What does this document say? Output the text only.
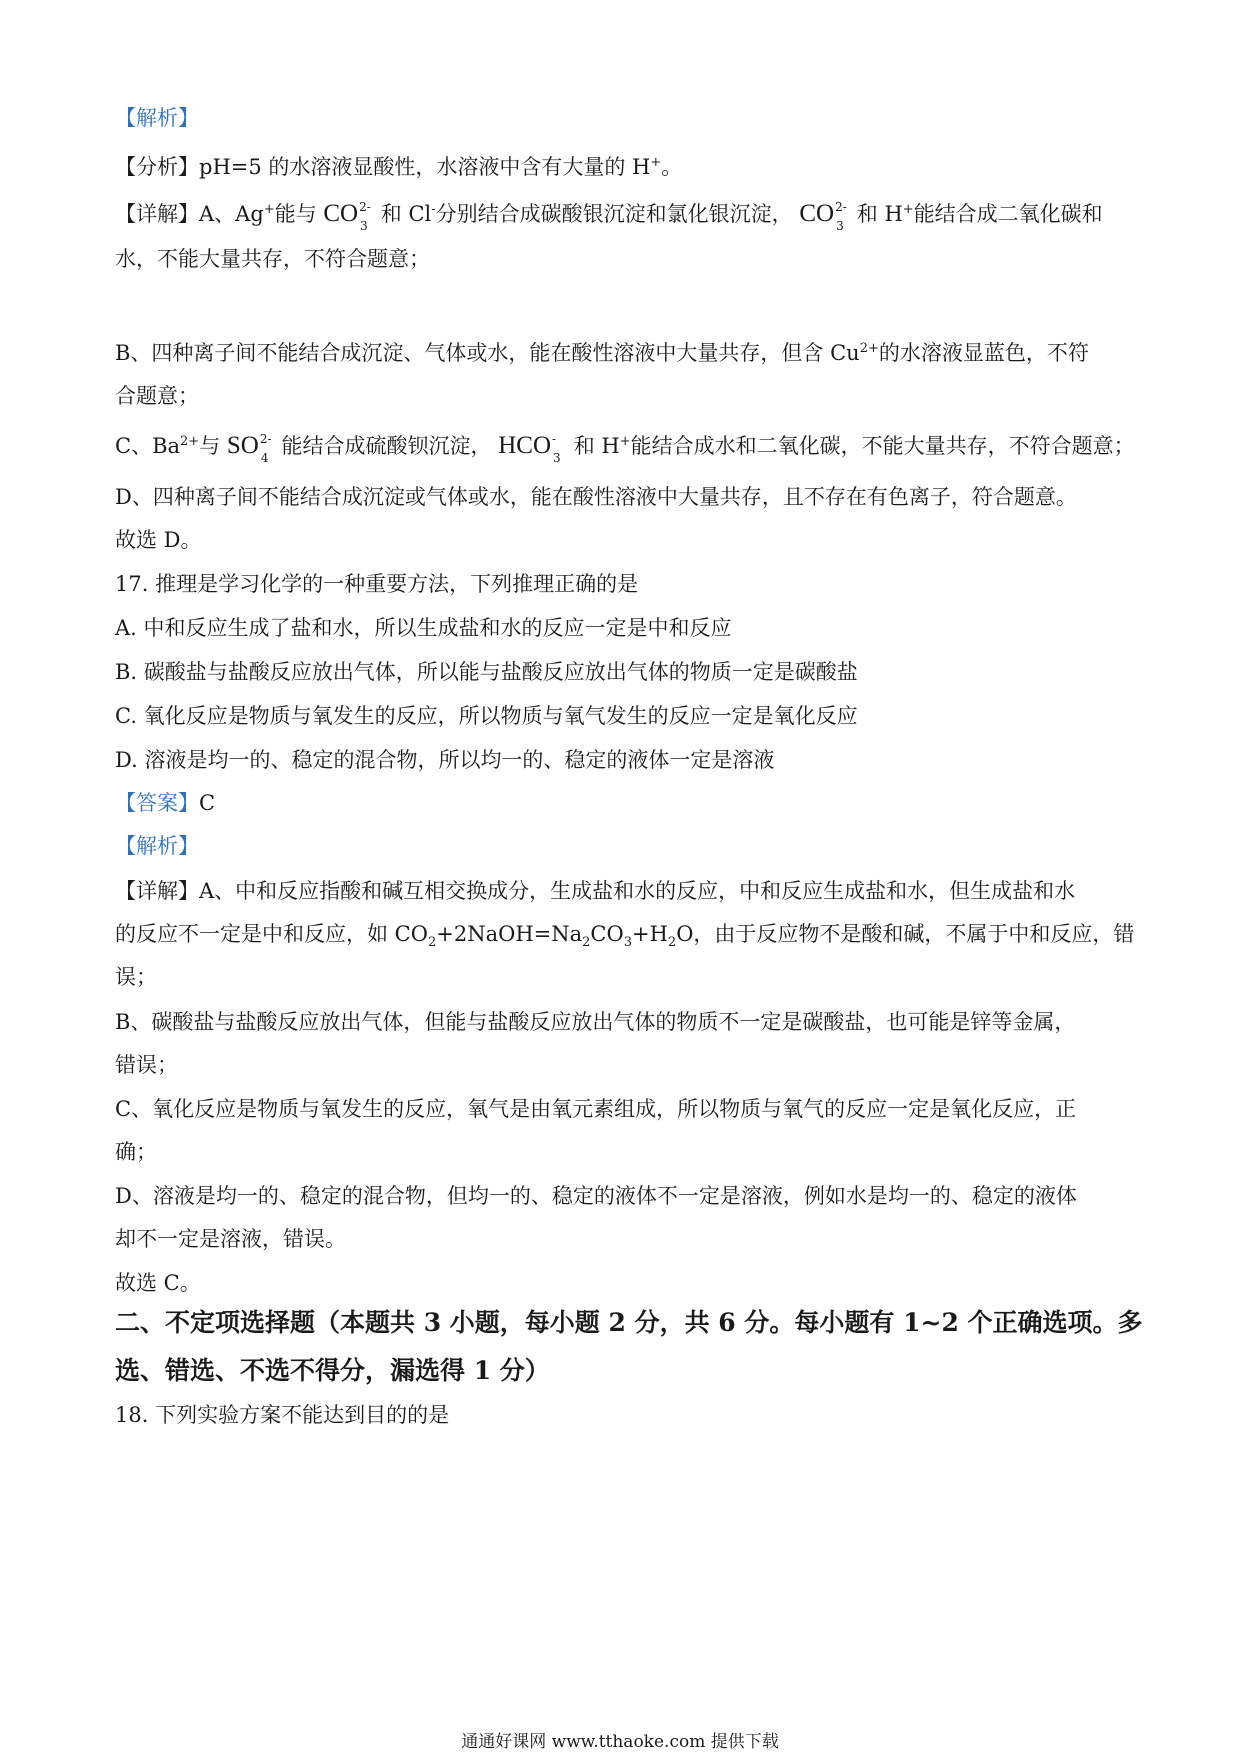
【解析】
【分析】pH=5 的水溶液显酸性，水溶液中含有大量的 H+。
【详解】A、Ag+能与 CO 2-
3 和 Cl-分别结合成碳酸银沉淀和氯化银沉淀， CO 2-
3 和 H+能结合成二氧化碳和
水，不能大量共存，不符合题意；
B、四种离子间不能结合成沉淀、气体或水，能在酸性溶液中大量共存，但含 $Cu^{2+}$的水溶液显蓝色，不符
合题意；
C、$Ba^{2+}$与 SO 2-
4 能结合成硫酸钡沉淀， HCO -
3 和 H+能结合成水和二氧化碳，不能大量共存，不符合题意；
D、四种离子间不能结合成沉淀或气体或水，能在酸性溶液中大量共存，且不存在有色离子，符合题意。
故选 D。
17. 推理是学习化学的一种重要方法，下列推理正确的是
A. 中和反应生成了盐和水，所以生成盐和水的反应一定是中和反应
B. 碳酸盐与盐酸反应放出气体，所以能与盐酸反应放出气体的物质一定是碳酸盐
C. 氧化反应是物质与氧发生的反应，所以物质与氧气发生的反应一定是氧化反应
D. 溶液是均一的、稳定的混合物，所以均一的、稳定的液体一定是溶液
【答案】C
【解析】
【详解】A、中和反应指酸和碱互相交换成分，生成盐和水的反应，中和反应生成盐和水，但生成盐和水
的反应不一定是中和反应，如 $CO_2+2NaOH=Na_2CO_3+H_2O$，由于反应物不是酸和碱，不属于中和反应，错
误；
B、碳酸盐与盐酸反应放出气体，但能与盐酸反应放出气体的物质不一定是碳酸盐，也可能是锌等金属，
错误；
C、氧化反应是物质与氧发生的反应，氧气是由氧元素组成，所以物质与氧气的反应一定是氧化反应，正
确；
D、溶液是均一的、稳定的混合物，但均一的、稳定的液体不一定是溶液，例如水是均一的、稳定的液体
却不一定是溶液，错误。
故选 C。
二、不定项选择题（本题共 3 小题，每小题 2 分，共 6 分。每小题有 1~2 个正确选项。多
选、错选、不选不得分，漏选得 1 分）
18. 下列实验方案不能达到目的的是
通通好课网 www.tthaoke.com 提供下载
